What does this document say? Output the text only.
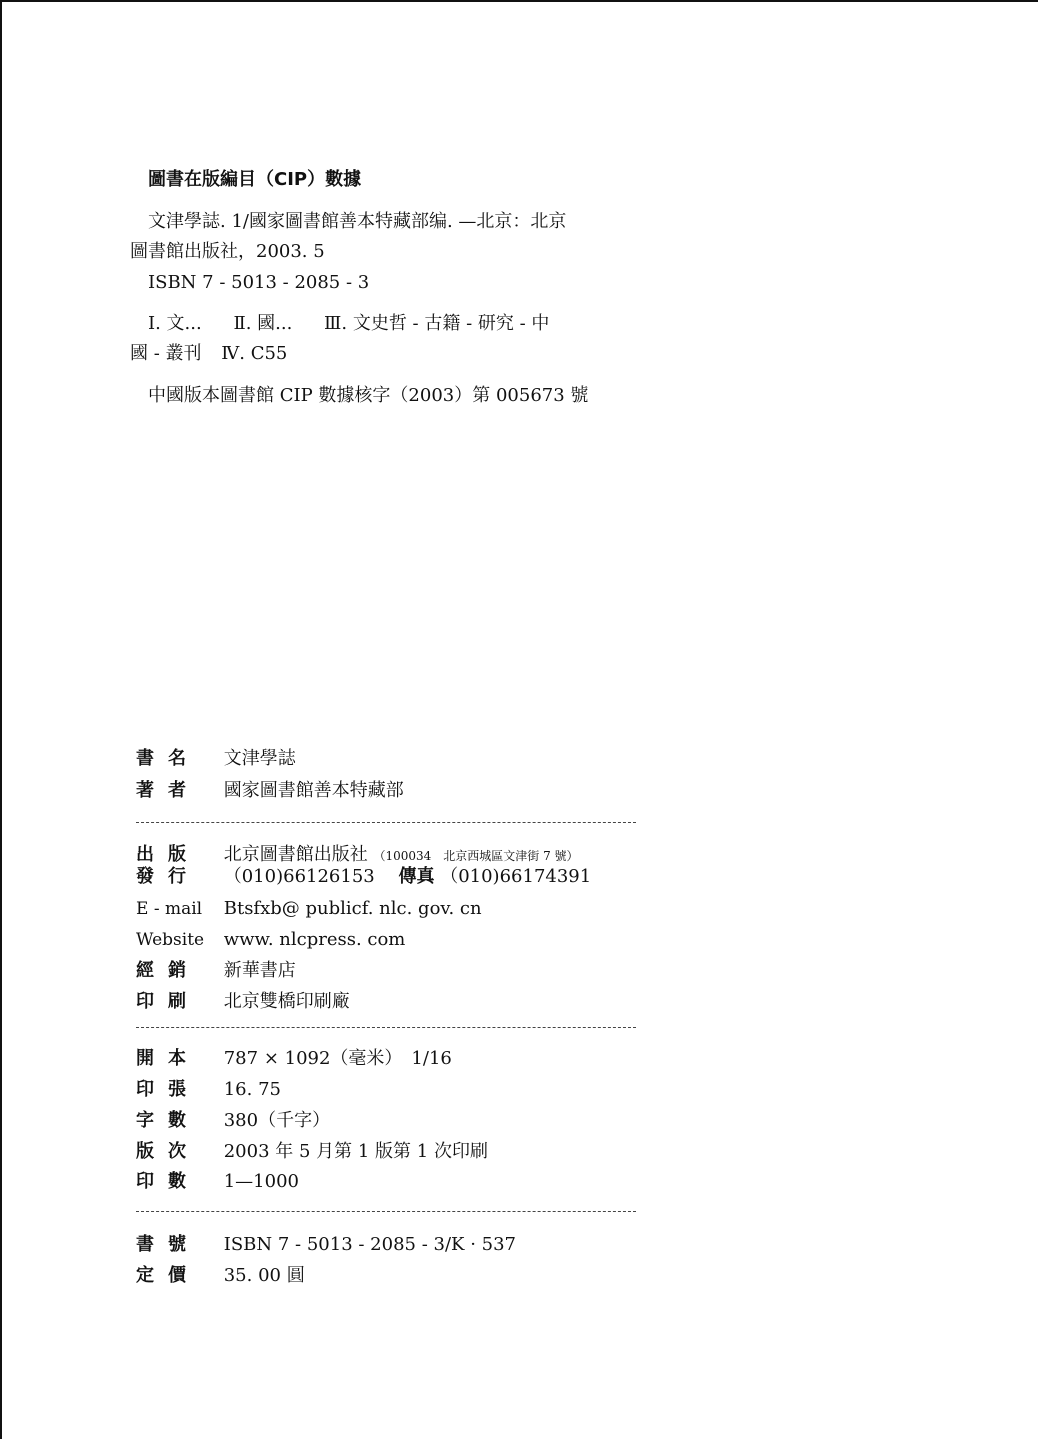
圖書在版編目（CIP）數據
文津學誌. 1/國家圖書館善本特藏部编. —北京：北京
圖書館出版社，2003. 5
ISBN 7 - 5013 - 2085 - 3
Ⅰ. 文... Ⅱ. 國... Ⅲ. 文史哲 - 古籍 - 研究 - 中
國 - 叢刊 Ⅳ. C55
中國版本圖書館 CIP 數據核字（2003）第 005673 號
書名 文津學誌
著者 國家圖書館善本特藏部
出版 北京圖書館出版社 （100034　北京西城區文津街 7 號）
發行 （010)66126153 傳真 （010)66174391
E - mail Btsfxb@ publicf. nlc. gov. cn
Website www. nlcpress. com
經銷 新華書店
印刷 北京雙橋印刷廠
開本 787 × 1092（毫米）　1/16
印張 16. 75
字數 380（千字）
版次 2003 年 5 月第 1 版第 1 次印刷
印數 1—1000
書號 ISBN 7 - 5013 - 2085 - 3/K · 537
定價 35. 00 圓
